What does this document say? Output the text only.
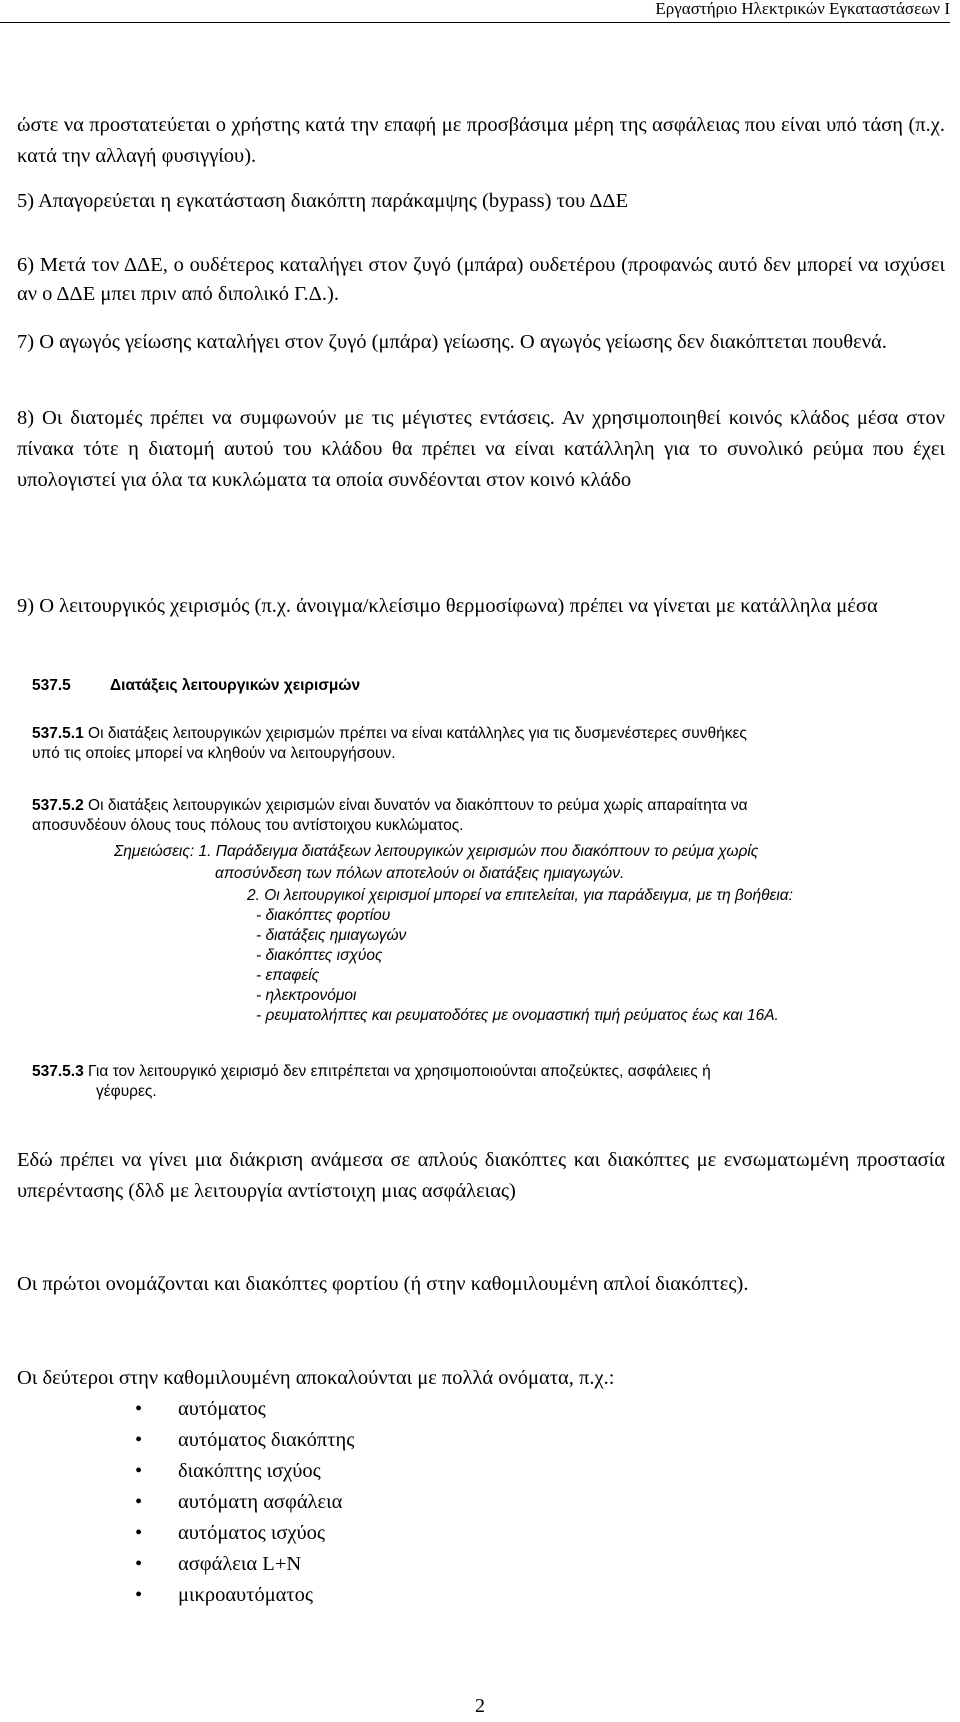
Εργαστήριο Ηλεκτρικών Εγκαταστάσεων Ι
ώστε να προστατεύεται ο χρήστης κατά την επαφή με προσβάσιμα μέρη της ασφάλειας που είναι υπό τάση (π.χ. κατά την αλλαγή φυσιγγίου).
5) Απαγορεύεται η εγκατάσταση διακόπτη παράκαμψης (bypass) του ΔΔΕ
6) Μετά τον ΔΔΕ, ο ουδέτερος καταλήγει στον ζυγό (μπάρα) ουδετέρου (προφανώς αυτό δεν μπορεί να ισχύσει αν ο ΔΔΕ μπει πριν από διπολικό Γ.Δ.).
7) Ο αγωγός γείωσης καταλήγει στον ζυγό (μπάρα) γείωσης. Ο αγωγός γείωσης δεν διακόπτεται πουθενά.
8) Οι διατομές πρέπει να συμφωνούν με τις μέγιστες εντάσεις. Αν χρησιμοποιηθεί κοινός κλάδος μέσα στον πίνακα τότε η διατομή αυτού του κλάδου θα πρέπει να είναι κατάλληλη για το συνολικό ρεύμα που έχει υπολογιστεί για όλα τα κυκλώματα τα οποία συνδέονται στον κοινό κλάδο
9) Ο λειτουργικός χειρισμός (π.χ. άνοιγμα/κλείσιμο θερμοσίφωνα) πρέπει να γίνεται με κατάλληλα μέσα
537.5	Διατάξεις λειτουργικών χειρισμών
537.5.1 Οι διατάξεις λειτουργικών χειρισμών πρέπει να είναι κατάλληλες για τις δυσμενέστερες συνθήκες
υπό τις οποίες μπορεί να κληθούν να λειτουργήσουν.
537.5.2 Οι διατάξεις λειτουργικών χειρισμών είναι δυνατόν να διακόπτουν το ρεύμα χωρίς απαραίτητα να
αποσυνδέουν όλους τους πόλους του αντίστοιχου κυκλώματος.
Σημειώσεις: 1. Παράδειγμα διατάξεων λειτουργικών χειρισμών που διακόπτουν το ρεύμα χωρίς
αποσύνδεση των πόλων αποτελούν οι διατάξεις ημιαγωγών.
2. Οι λειτουργικοί χειρισμοί μπορεί να επιτελείται, για παράδειγμα, με τη βοήθεια:
- διακόπτες φορτίου
- διατάξεις ημιαγωγών
- διακόπτες ισχύος
- επαφείς
- ηλεκτρονόμοι
- ρευματολήπτες και ρευματοδότες με ονομαστική τιμή ρεύματος έως και 16Α.
537.5.3 Για τον λειτουργικό χειρισμό δεν επιτρέπεται να χρησιμοποιούνται αποζεύκτες, ασφάλειες ή
γέφυρες.
Εδώ πρέπει να γίνει μια διάκριση ανάμεσα σε απλούς διακόπτες και διακόπτες με ενσωματωμένη προστασία υπερέντασης (δλδ με λειτουργία αντίστοιχη μιας ασφάλειας)
Οι πρώτοι ονομάζονται και διακόπτες φορτίου (ή στην καθομιλουμένη απλοί διακόπτες).
Οι δεύτεροι στην καθομιλουμένη αποκαλούνται με πολλά ονόματα, π.χ.:
• αυτόματος
• αυτόματος διακόπτης
• διακόπτης ισχύος
• αυτόματη ασφάλεια
• αυτόματος ισχύος
• ασφάλεια L+N
• μικροαυτόματος
2
